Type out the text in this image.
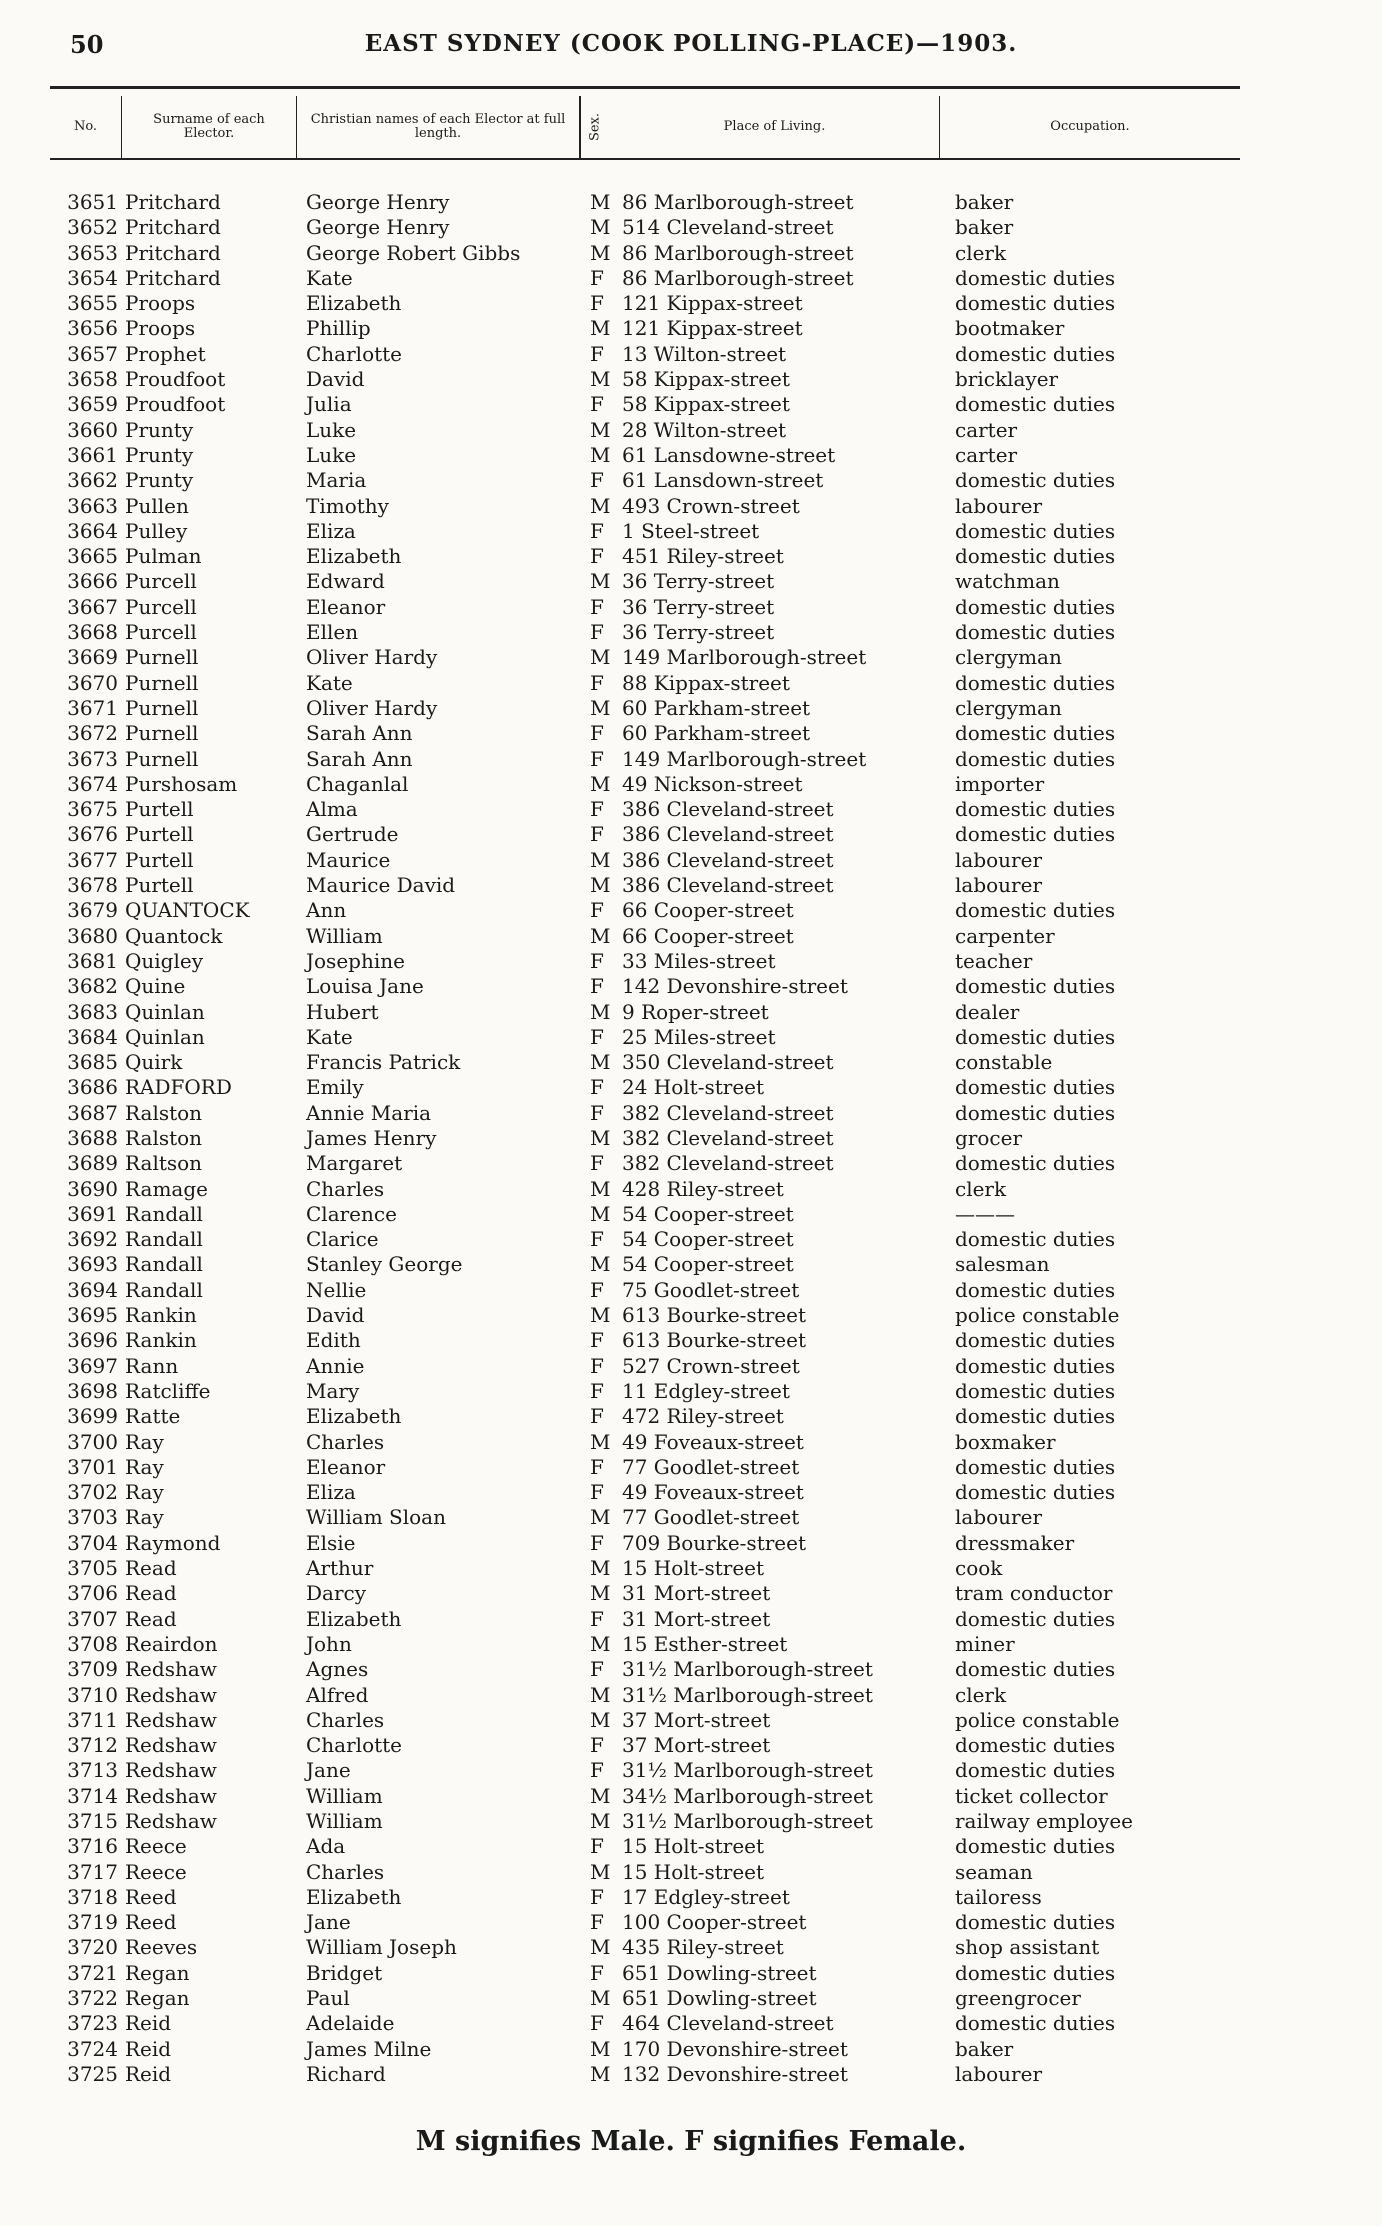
50	EAST SYDNEY (COOK POLLING-PLACE)—1903.
No.	Surname of each Elector.
Christian names of each Elector at full length.	Sex.	Place of Living.	Occupation.
3651 Pritchard	George Henry	M 86 Marlborough-street	baker
3652 Pritchard	George Henry	M 514 Cleveland-street	baker
3653 Pritchard	George Robert Gibbs	M 86 Marlborough-street	clerk
3654 Pritchard	Kate	F 86 Marlborough-street	domestic duties
3655 Proops	Elizabeth	F 121 Kippax-street	domestic duties
3656 Proops	Phillip	M 121 Kippax-street	bootmaker
3657 Prophet	Charlotte	F 13 Wilton-street	domestic duties
3658 Proudfoot	David	M 58 Kippax-street	bricklayer
3659 Proudfoot	Julia	F 58 Kippax-street	domestic duties
3660 Prunty	Luke	M 28 Wilton-street	carter
3661 Prunty	Luke	M 61 Lansdowne-street	carter
3662 Prunty	Maria	F 61 Lansdown-street	domestic duties
3663 Pullen	Timothy	M 493 Crown-street	labourer
3664 Pulley	Eliza	F 1 Steel-street	domestic duties
3665 Pulman	Elizabeth	F 451 Riley-street	domestic duties
3666 Purcell	Edward	M 36 Terry-street	watchman
3667 Purcell	Eleanor	F 36 Terry-street	domestic duties
3668 Purcell	Ellen	F 36 Terry-street	domestic duties
3669 Purnell	Oliver Hardy	M 149 Marlborough-street	clergyman
3670 Purnell	Kate	F 88 Kippax-street	domestic duties
3671 Purnell	Oliver Hardy	M 60 Parkham-street	clergyman
3672 Purnell	Sarah Ann	F 60 Parkham-street	domestic duties
3673 Purnell	Sarah Ann	F 149 Marlborough-street	domestic duties
3674 Purshosam	Chaganlal	M 49 Nickson-street	importer
3675 Purtell	Alma	F 386 Cleveland-street	domestic duties
3676 Purtell	Gertrude	F 386 Cleveland-street	domestic duties
3677 Purtell	Maurice	M 386 Cleveland-street	labourer
3678 Purtell	Maurice David	M 386 Cleveland-street	labourer
3679 QUANTOCK	Ann	F 66 Cooper-street	domestic duties
3680 Quantock	William	M 66 Cooper-street	carpenter
3681 Quigley	Josephine	F 33 Miles-street	teacher
3682 Quine	Louisa Jane	F 142 Devonshire-street	domestic duties
3683 Quinlan	Hubert	M 9 Roper-street	dealer
3684 Quinlan	Kate	F 25 Miles-street	domestic duties
3685 Quirk	Francis Patrick	M 350 Cleveland-street	constable
3686 RADFORD	Emily	F 24 Holt-street	domestic duties
3687 Ralston	Annie Maria	F 382 Cleveland-street	domestic duties
3688 Ralston	James Henry	M 382 Cleveland-street	grocer
3689 Raltson	Margaret	F 382 Cleveland-street	domestic duties
3690 Ramage	Charles	M 428 Riley-street	clerk
3691 Randall	Clarence	M 54 Cooper-street	———
3692 Randall	Clarice	F 54 Cooper-street	domestic duties
3693 Randall	Stanley George	M 54 Cooper-street	salesman
3694 Randall	Nellie	F 75 Goodlet-street	domestic duties
3695 Rankin	David	M 613 Bourke-street	police constable
3696 Rankin	Edith	F 613 Bourke-street	domestic duties
3697 Rann	Annie	F 527 Crown-street	domestic duties
3698 Ratcliffe	Mary	F 11 Edgley-street	domestic duties
3699 Ratte	Elizabeth	F 472 Riley-street	domestic duties
3700 Ray	Charles	M 49 Foveaux-street	boxmaker
3701 Ray	Eleanor	F 77 Goodlet-street	domestic duties
3702 Ray	Eliza	F 49 Foveaux-street	domestic duties
3703 Ray	William Sloan	M 77 Goodlet-street	labourer
3704 Raymond	Elsie	F 709 Bourke-street	dressmaker
3705 Read	Arthur	M 15 Holt-street	cook
3706 Read	Darcy	M 31 Mort-street	tram conductor
3707 Read	Elizabeth	F 31 Mort-street	domestic duties
3708 Reairdon	John	M 15 Esther-street	miner
3709 Redshaw	Agnes	F 31½ Marlborough-street	domestic duties
3710 Redshaw	Alfred	M 31½ Marlborough-street	clerk
3711 Redshaw	Charles	M 37 Mort-street	police constable
3712 Redshaw	Charlotte	F 37 Mort-street	domestic duties
3713 Redshaw	Jane	F 31½ Marlborough-street	domestic duties
3714 Redshaw	William	M 34½ Marlborough-street	ticket collector
3715 Redshaw	William	M 31½ Marlborough-street	railway employee
3716 Reece	Ada	F 15 Holt-street	domestic duties
3717 Reece	Charles	M 15 Holt-street	seaman
3718 Reed	Elizabeth	F 17 Edgley-street	tailoress
3719 Reed	Jane	F 100 Cooper-street	domestic duties
3720 Reeves	William Joseph	M 435 Riley-street	shop assistant
3721 Regan	Bridget	F 651 Dowling-street	domestic duties
3722 Regan	Paul	M 651 Dowling-street	greengrocer
3723 Reid	Adelaide	F 464 Cleveland-street	domestic duties
3724 Reid	James Milne	M 170 Devonshire-street	baker
3725 Reid	Richard	M 132 Devonshire-street	labourer
M signifies Male. F signifies Female.
